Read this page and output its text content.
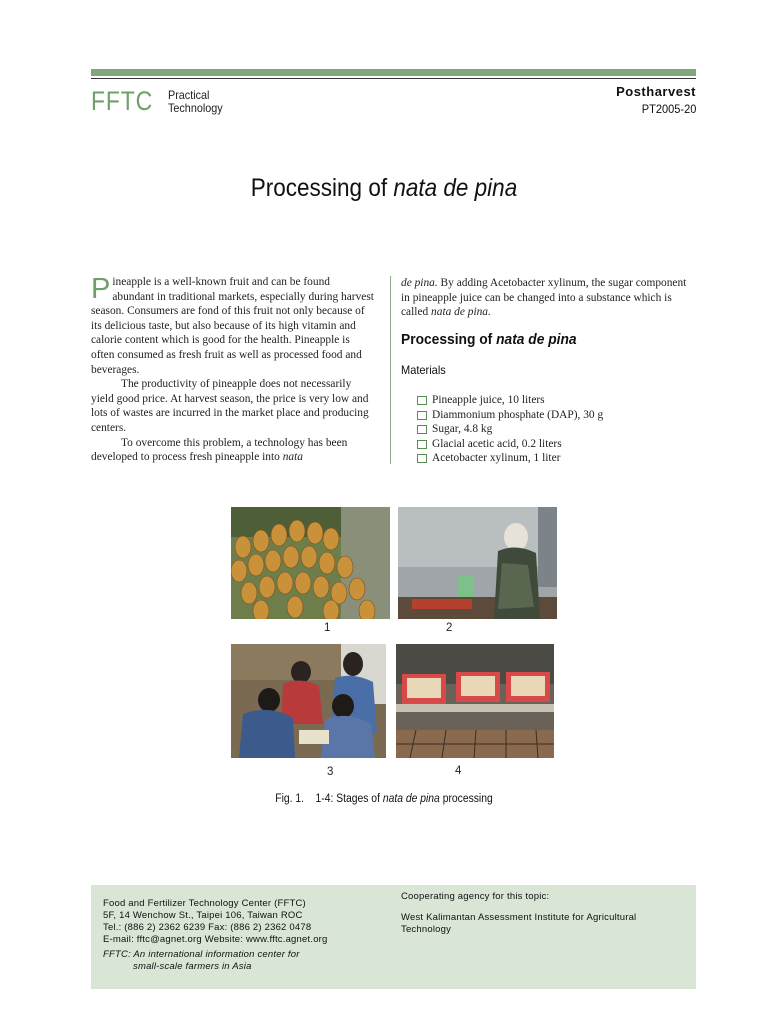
FFTC Practical
Technology
Postharvest
PT2005-20
Processing of nata de pina

Pineapple is a well-known fruit and can be found abundant in traditional markets, especially during harvest season. Consumers are fond of this fruit not only because of its delicious taste, but also because of its high vitamin and calorie content which is good for the health. Pineapple is often consumed as fresh fruit as well as processed food and beverages.

The productivity of pineapple does not necessarily yield good price. At harvest season, the price is very low and lots of wastes are incurred in the market place and producing centers.

To overcome this problem, a technology has been developed to process fresh pineapple into nata

de pina. By adding Acetobacter xylinum, the sugar component in pineapple juice can be changed into a substance which is called nata de pina.

Processing of nata de pina
Materials
Pineapple juice, 10 liters
Diammonium phosphate (DAP), 30 g
Sugar, 4.8 kg
Glacial acetic acid, 0.2 liters
Acetobacter xylinum, 1 liter
1	2
3	4
Fig. 1.    1-4: Stages of nata de pina processing
Food and Fertilizer Technology Center (FFTC)
5F, 14 Wenchow St., Taipei 106, Taiwan ROC
Tel.: (886 2) 2362 6239 Fax: (886 2) 2362 0478
E-mail: fftc@agnet.org Website: www.fftc.agnet.org
FFTC: An international information center for
small-scale farmers in Asia
Cooperating agency for this topic:
West Kalimantan Assessment Institute for Agricultural
Technology
